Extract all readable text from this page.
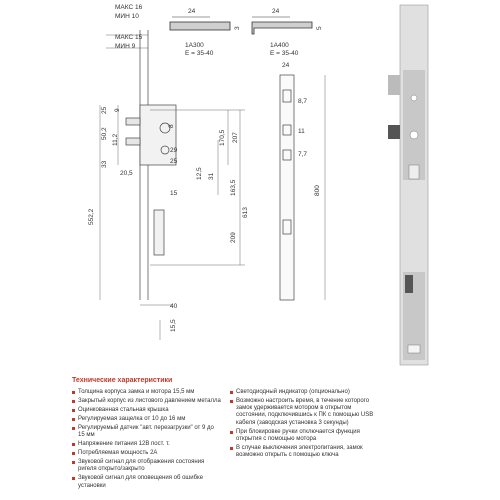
МАКС 16
МИН 10
МАКС 15
МИН 9
24
3
24
5
1А300
Е = 35-40
1А400
Е = 35-40
24
25 9
8
50,2 11,2
33
552,2
20,5
29
25
12,5 31
15
170,5 207
163,5
613
209
40
15,5
8,7
11
7,7
800
Технические характеристики
Толщина корпуса замка и мотора 15,5 мм
Закрытый корпус из листового давлением металла
Оцинкованная стальная крышка
Регулируемая защелка от 10 до 16 мм
Регулируемый датчик "авт. перезагрузки" от 9 до 15 мм
Напряжение питания 12В пост. т.
Потребляемая мощность 2А
Звуковой сигнал для отображения состояния ригеля открыто/закрыто
Звуковой сигнал для оповещения об ошибке установки
Светодиодный индикатор (опционально)
Возможно настроить время, в течение которого замок удерживается мотором в открытом состоянии, подключившись к ПК с помощью USB кабеля (заводская установка 3 секунды)
При блокировке ручки отключается функция открытия с помощью мотора
В случае выключения электропитания, замок возможно открыть с помощью ключа
